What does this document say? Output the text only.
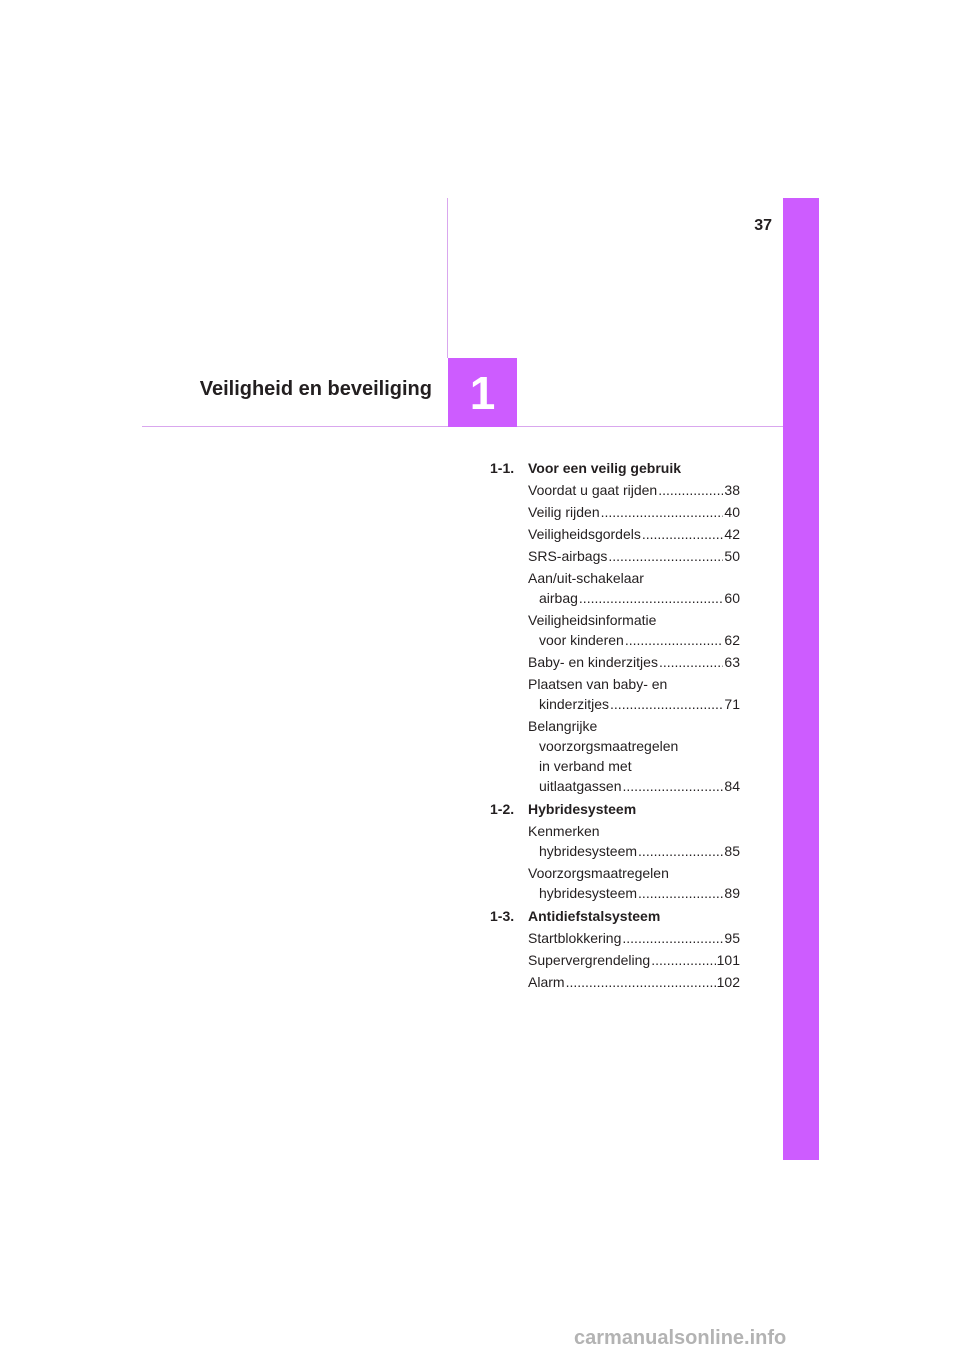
37
Veiligheid en beveiliging 1
1-1. Voor een veilig gebruik
Voordat u gaat rijden .....	38
Veilig rijden .....	40
Veiligheidsgordels .....	42
SRS-airbags .....	50
Aan/uit-schakelaar
airbag .....	60
Veiligheidsinformatie
voor kinderen .....	62
Baby- en kinderzitjes .....	63
Plaatsen van baby- en
kinderzitjes .....	71
Belangrijke
voorzorgsmaatregelen
in verband met
uitlaatgassen .....	84
1-2. Hybridesysteem
Kenmerken
hybridesysteem .....	85
Voorzorgsmaatregelen
hybridesysteem .....	89
1-3. Antidiefstalsysteem
Startblokkering .....	95
Supervergrendeling .....	101
Alarm .....	102
carmanualsonline.info
